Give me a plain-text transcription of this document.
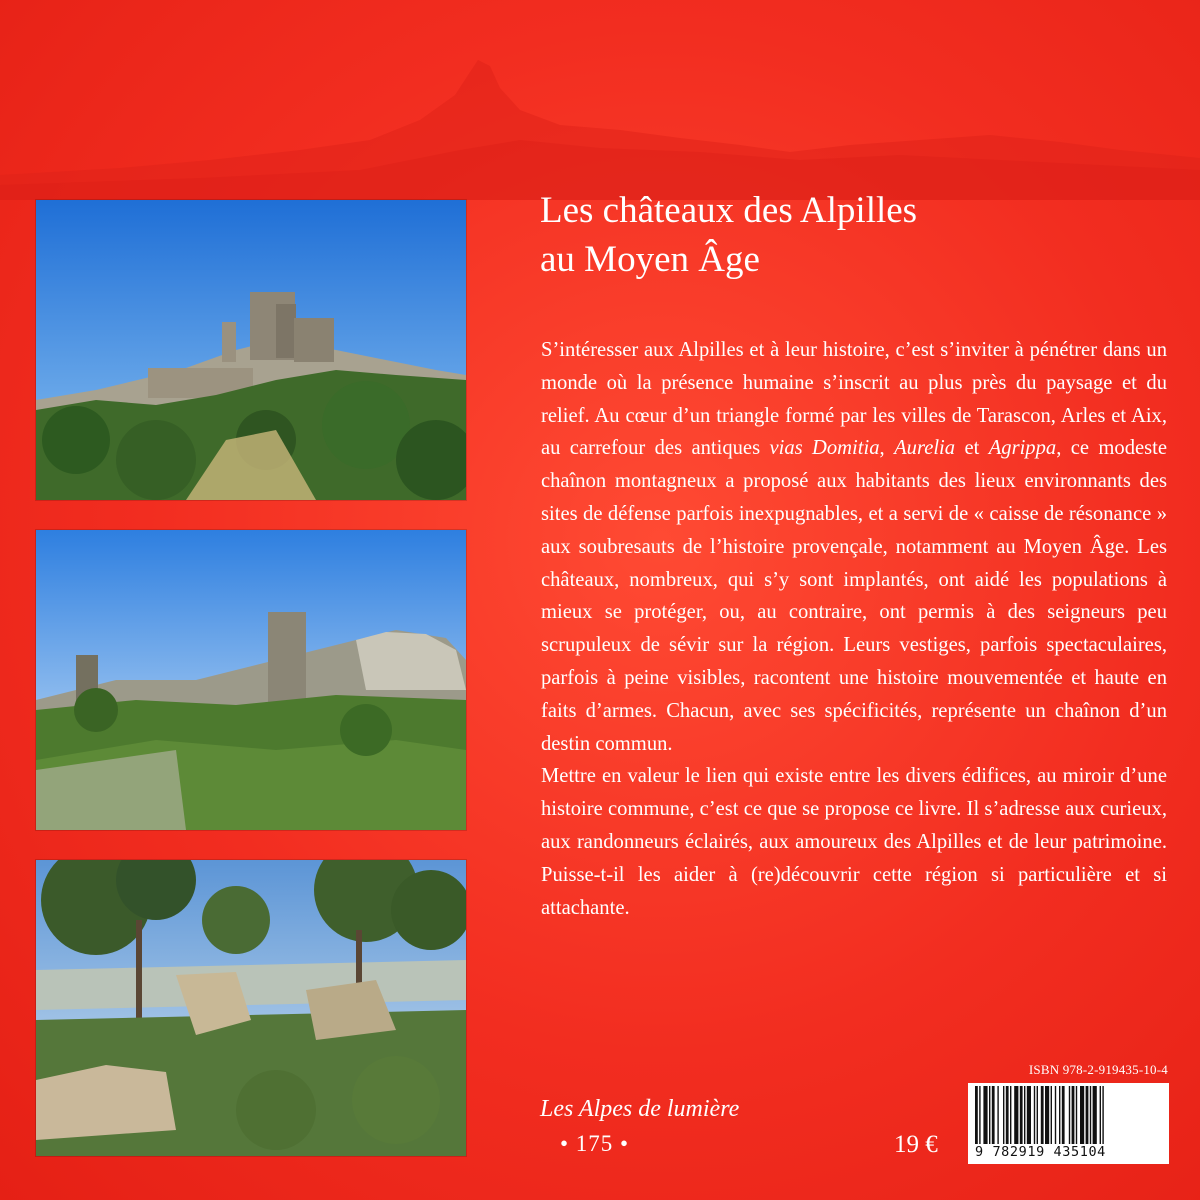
Les châteaux des Alpilles
au Moyen Âge

S’intéresser aux Alpilles et à leur histoire, c’est s’inviter à pénétrer dans un monde où la présence humaine s’inscrit au plus près du paysage et du relief. Au cœur d’un triangle formé par les villes de Tarascon, Arles et Aix, au carrefour des antiques vias Domitia, Aurelia et Agrippa, ce modeste chaînon montagneux a proposé aux habitants des lieux environnants des sites de défense parfois inexpugnables, et a servi de « caisse de résonance » aux soubresauts de l’histoire provençale, notamment au Moyen Âge. Les châteaux, nombreux, qui s’y sont implantés, ont aidé les populations à mieux se protéger, ou, au contraire, ont permis à des seigneurs peu scrupuleux de sévir sur la région. Leurs vestiges, parfois spectaculaires, parfois à peine visibles, racontent une histoire mouvementée et haute en faits d’armes. Chacun, avec ses spécificités, représente un chaînon d’un destin commun.

Mettre en valeur le lien qui existe entre les divers édifices, au miroir d’une histoire commune, c’est ce que se propose ce livre. Il s’adresse aux curieux, aux randonneurs éclairés, aux amoureux des Alpilles et de leur patrimoine. Puisse-t-il les aider à (re)découvrir cette région si particulière et si attachante.

ISBN 978-2-919435-10-4
9 782919 435104
Les Alpes de lumière
• 175 •	19 €
